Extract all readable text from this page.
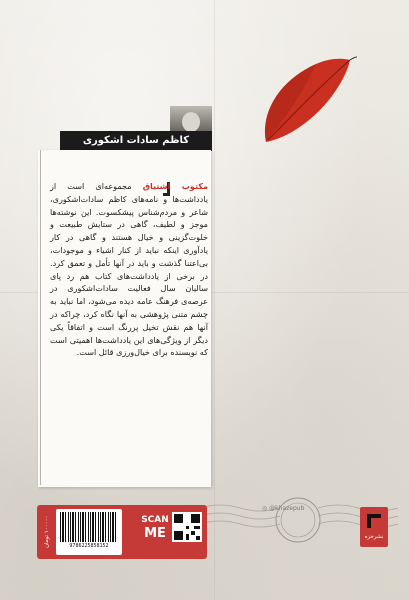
کاظم سادات اشکوری
مکتوب اشتیاق مجموعه‌ای است از یادداشت‌ها و نامه‌های کاظم سادات‌اشکوری، شاعر و مردم‌شناس پیشکسوت. این نوشته‌ها موجز و لطیف، گاهی در ستایش طبیعت و خلوت‌گزینی و خیال هستند و گاهی در کار یادآوری اینکه نباید از کنار اشیاء و موجودات، بی‌اعتنا گذشت و باید در آنها تأمل و تعمق کرد. در برخی از یادداشت‌های کتاب هم رد پای سالیان سال فعالیت سادات‌اشکوری در عرصه‌ی فرهنگ عامه دیده می‌شود، اما نباید به چشم متنی پژوهشی به آنها نگاه کرد، چراکه در آنها هم نقش تخیل پررنگ است و اتفاقاً یکی دیگر از ویژگی‌های این یادداشت‌ها اهمیتی است که نویسنده برای خیال‌ورزی قائل است.
◎ @khazepub
۱۰۰۰۰۰ تومان
9786225858152
SCAN
ME	نشرخزه
